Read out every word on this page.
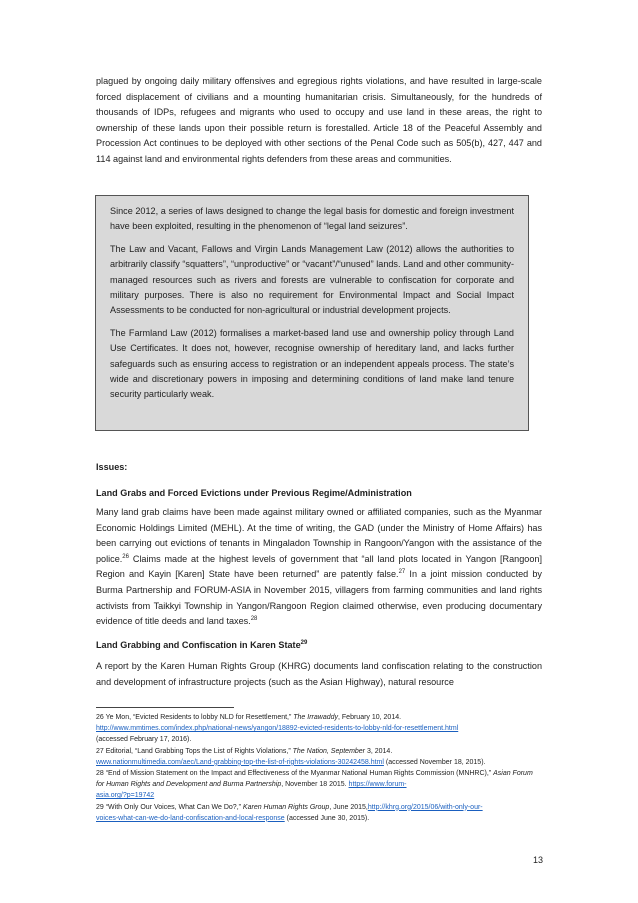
plagued by ongoing daily military offensives and egregious rights violations, and have resulted in large-scale forced displacement of civilians and a mounting humanitarian crisis. Simultaneously, for the hundreds of thousands of IDPs, refugees and migrants who used to occupy and use land in these areas, the right to ownership of these lands upon their possible return is forestalled. Article 18 of the Peaceful Assembly and Procession Act continues to be deployed with other sections of the Penal Code such as 505(b), 427, 447 and 114 against land and environmental rights defenders from these areas and communities.

Since 2012, a series of laws designed to change the legal basis for domestic and foreign investment have been exploited, resulting in the phenomenon of “legal land seizures”.

The Law and Vacant, Fallows and Virgin Lands Management Law (2012) allows the authorities to arbitrarily classify “squatters”, “unproductive” or “vacant”/“unused” lands. Land and other community-managed resources such as rivers and forests are vulnerable to confiscation for corporate and military purposes. There is also no requirement for Environmental Impact and Social Impact Assessments to be conducted for non-agricultural or industrial development projects.

The Farmland Law (2012) formalises a market-based land use and ownership policy through Land Use Certificates. It does not, however, recognise ownership of hereditary land, and lacks further safeguards such as ensuring access to registration or an independent appeals process. The state’s wide and discretionary powers in imposing and determining conditions of land make land tenure security particularly weak.

Issues:

Land Grabs and Forced Evictions under Previous Regime/Administration

Many land grab claims have been made against military owned or affiliated companies, such as the Myanmar Economic Holdings Limited (MEHL). At the time of writing, the GAD (under the Ministry of Home Affairs) has been carrying out evictions of tenants in Mingaladon Township in Rangoon/Yangon with the assistance of the police.$^{26}$ Claims made at the highest levels of government that “all land plots located in Yangon [Rangoon] Region and Kayin [Karen] State have been returned” are patently false.$^{27}$ In a joint mission conducted by Burma Partnership and FORUM-ASIA in November 2015, villagers from farming communities and land rights activists from Taikkyi Township in Yangon/Rangoon Region claimed otherwise, even producing documentary evidence of title deeds and land taxes.$^{28}$

Land Grabbing and Confiscation in Karen State$^{29}$

A report by the Karen Human Rights Group (KHRG) documents land confiscation relating to the construction and development of infrastructure projects (such as the Asian Highway), natural resource

26 Ye Mon, “Evicted Residents to lobby NLD for Resettlement,” The Irrawaddy, February 10, 2014.
http://www.mmtimes.com/index.php/national-news/yangon/18892-evicted-residents-to-lobby-nld-for-resettlement.html
(accessed February 17, 2016).
27 Editorial, “Land Grabbing Tops the List of Rights Violations,” The Nation, September 3, 2014.
www.nationmultimedia.com/aec/Land-grabbing-top-the-list-of-rights-violations-30242458.html (accessed November 18, 2015).
28 “End of Mission Statement on the Impact and Effectiveness of the Myanmar National Human Rights Commission (MNHRC),” Asian Forum for Human Rights and Development and Burma Partnership, November 18 2015. https://www.forum-
asia.org/?p=19742
29 “With Only Our Voices, What Can We Do?,” Karen Human Rights Group, June 2015,http://khrg.org/2015/06/with-only-our-
voices-what-can-we-do-land-confiscation-and-local-response (accessed June 30, 2015).
13
